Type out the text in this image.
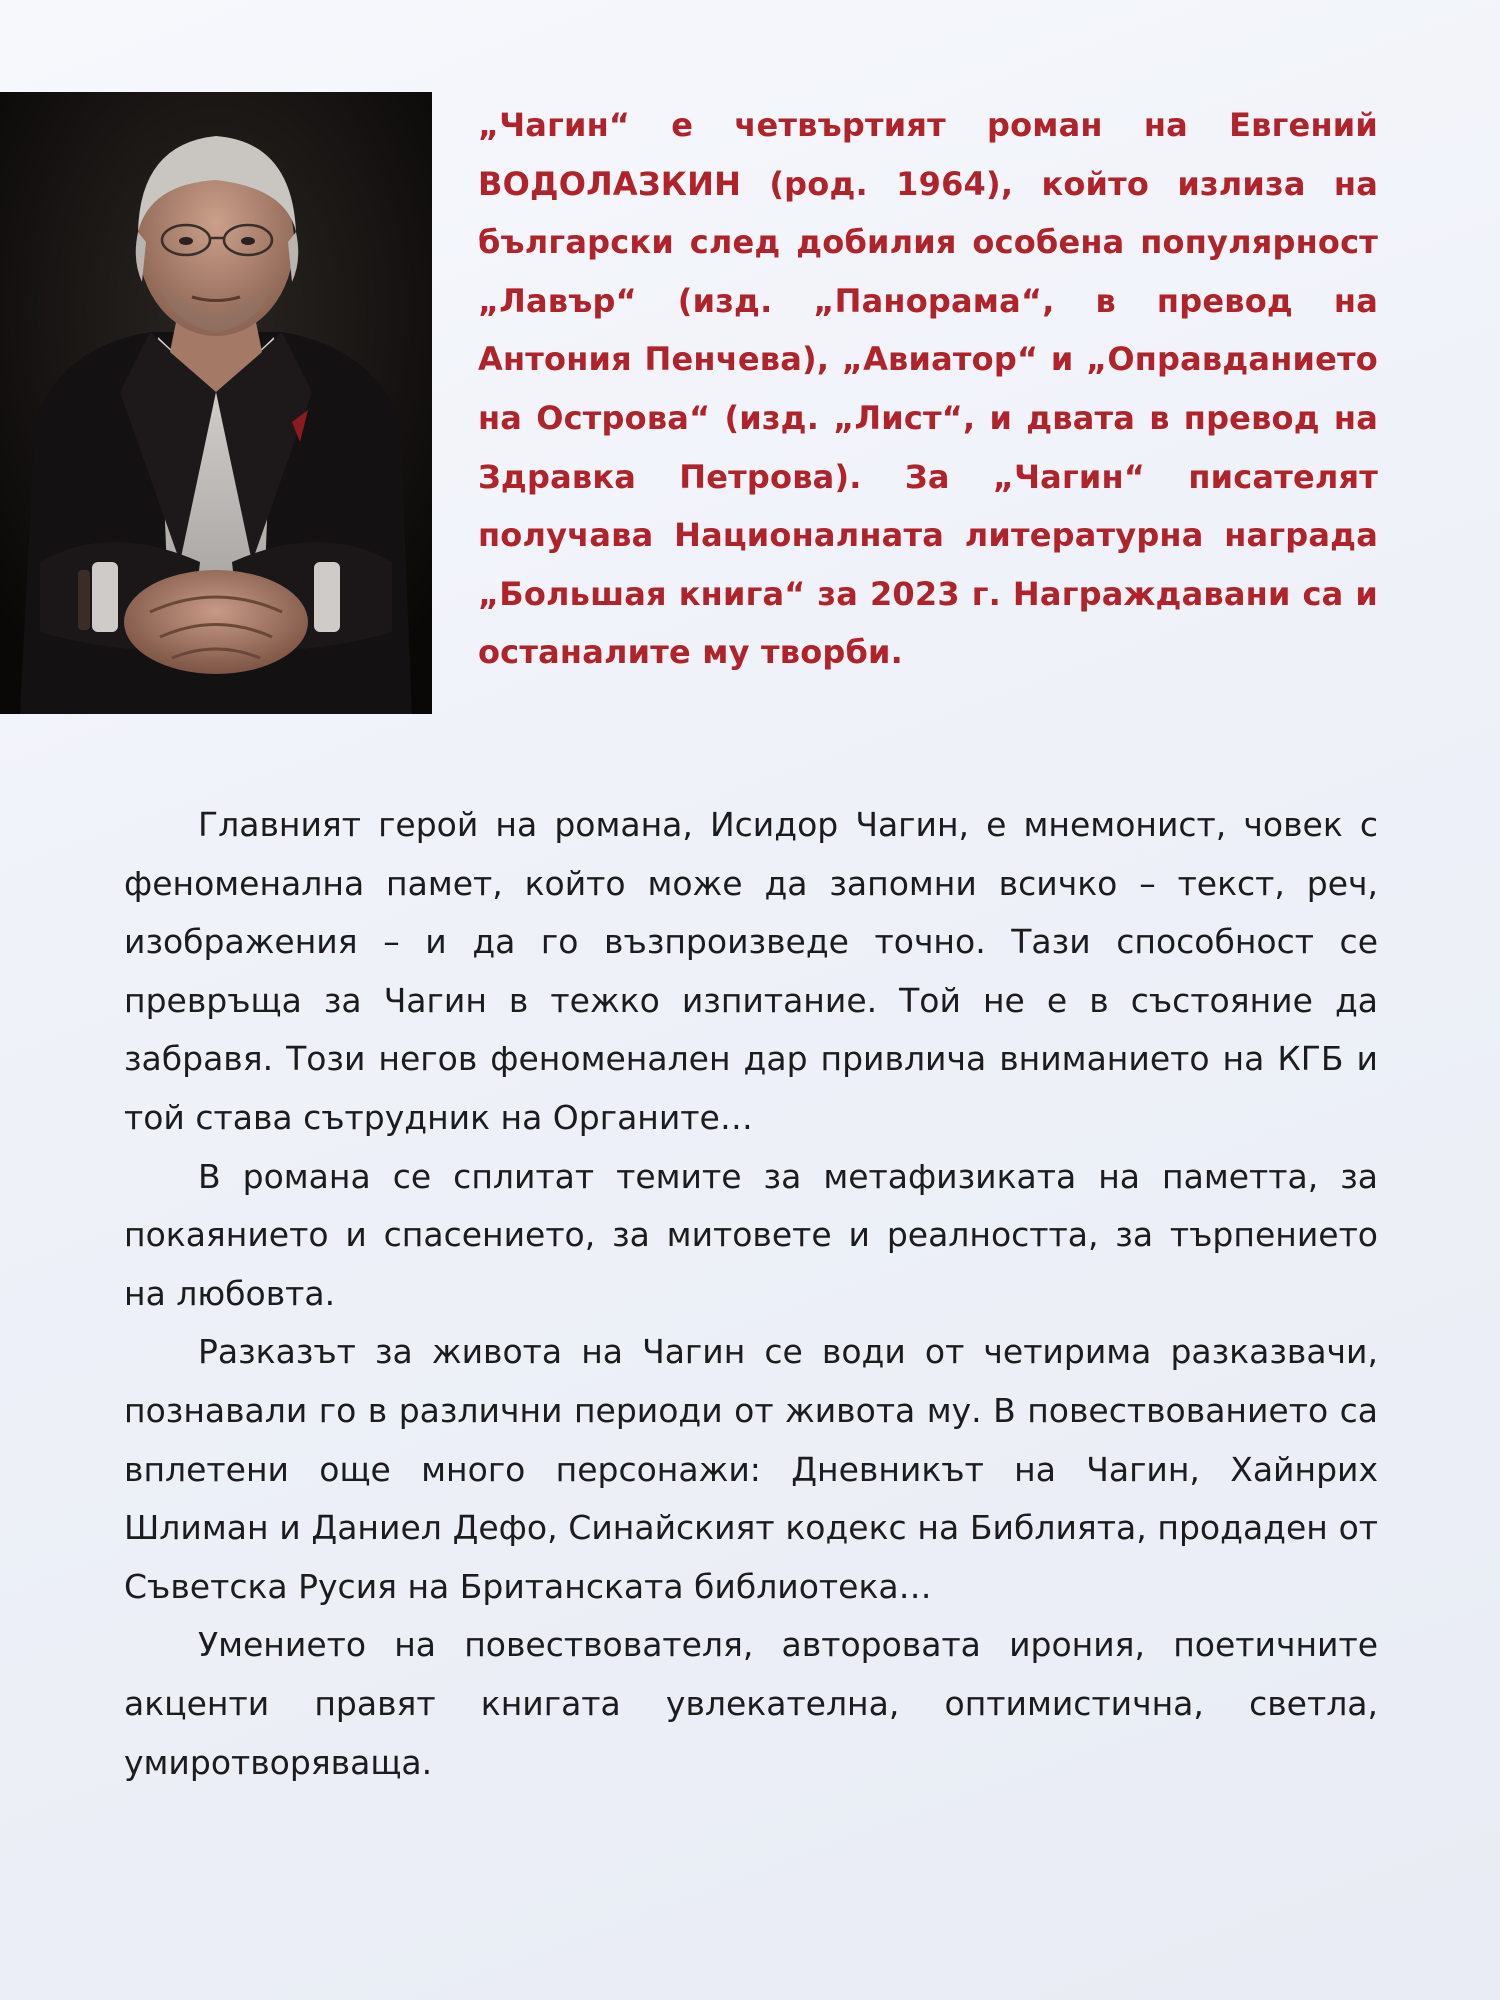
„Чагин“ е четвъртият роман на Евгений ВОДОЛАЗКИН (род. 1964), който излиза на български след добилия особена популярност „Лавър“ (изд. „Панорама“, в превод на Антония Пенчева), „Авиатор“ и „Оправданието на Острова“ (изд. „Лист“, и двата в превод на Здравка Петрова). За „Чагин“ писателят получава Националната литературна награда „Большая книга“ за 2023 г. Награждавани са и останалите му творби.

Главният герой на романа, Исидор Чагин, е мнемонист, човек с феноменална памет, който може да запомни всичко – текст, реч, изображения – и да го възпроизведе точно. Тази способност се превръща за Чагин в тежко изпитание. Той не е в състояние да забравя. Този негов феноменален дар привлича вниманието на КГБ и той става сътрудник на Органите…

В романа се сплитат темите за метафизиката на паметта, за покаянието и спасението, за митовете и реалността, за търпението на любовта.

Разказът за живота на Чагин се води от четирима разказвачи, познавали го в различни периоди от живота му. В повествованието са вплетени още много персонажи: Дневникът на Чагин, Хайнрих Шлиман и Даниел Дефо, Синайският кодекс на Библията, продаден от Съветска Русия на Британската библиотека…

Умението на повествователя, авторовата ирония, поетичните акценти правят книгата увлекателна, оптимистична, светла, умиротворяваща.
